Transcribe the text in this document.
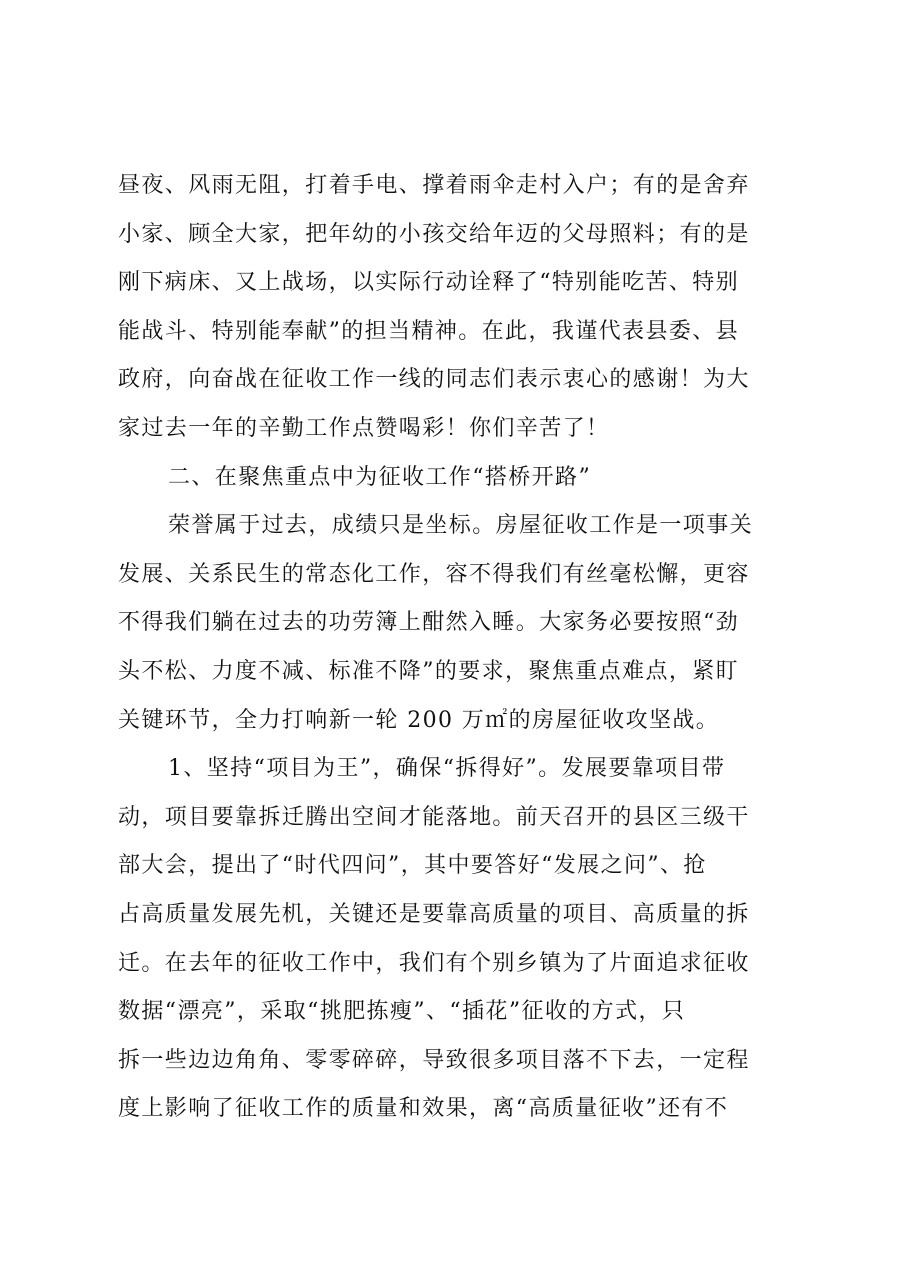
昼夜、风雨无阻，打着手电、撑着雨伞走村入户；有的是舍弃
小家、顾全大家，把年幼的小孩交给年迈的父母照料；有的是
刚下病床、又上战场，以实际行动诠释了“特别能吃苦、特别
能战斗、特别能奉献”的担当精神。在此，我谨代表县委、县
政府，向奋战在征收工作一线的同志们表示衷心的感谢！为大
家过去一年的辛勤工作点赞喝彩！你们辛苦了！
二、在聚焦重点中为征收工作“搭桥开路”
荣誉属于过去，成绩只是坐标。房屋征收工作是一项事关
发展、关系民生的常态化工作，容不得我们有丝毫松懈，更容
不得我们躺在过去的功劳簿上酣然入睡。大家务必要按照“劲
头不松、力度不减、标准不降”的要求，聚焦重点难点，紧盯
关键环节，全力打响新一轮 200 万㎡的房屋征收攻坚战。
1、坚持“项目为王”，确保“拆得好”。发展要靠项目带
动，项目要靠拆迁腾出空间才能落地。前天召开的县区三级干
部大会，提出了“时代四问”，其中要答好“发展之问”、抢
占高质量发展先机，关键还是要靠高质量的项目、高质量的拆
迁。在去年的征收工作中，我们有个别乡镇为了片面追求征收
数据“漂亮”，采取“挑肥拣瘦”、“插花”征收的方式，只
拆一些边边角角、零零碎碎，导致很多项目落不下去，一定程
度上影响了征收工作的质量和效果，离“高质量征收”还有不
